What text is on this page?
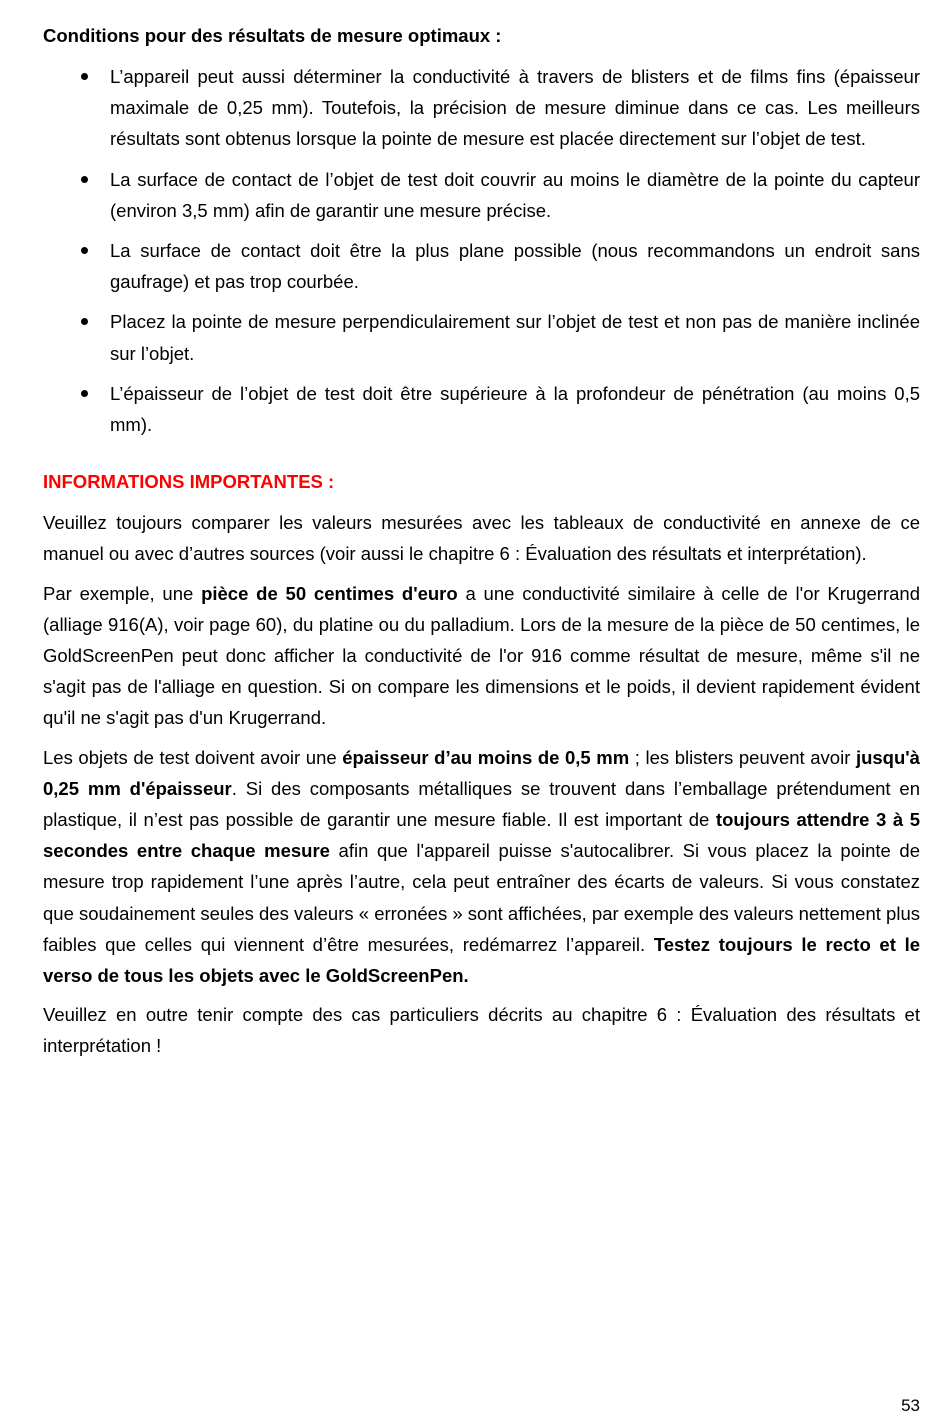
Conditions pour des résultats de mesure optimaux :
L’appareil peut aussi déterminer la conductivité à travers de blisters et de films fins (épaisseur maximale de 0,25 mm). Toutefois, la précision de mesure diminue dans ce cas. Les meilleurs résultats sont obtenus lorsque la pointe de mesure est placée directement sur l’objet de test.
La surface de contact de l’objet de test doit couvrir au moins le diamètre de la pointe du capteur (environ 3,5 mm) afin de garantir une mesure précise.
La surface de contact doit être la plus plane possible (nous recommandons un endroit sans gaufrage) et pas trop courbée.
Placez la pointe de mesure perpendiculairement sur l’objet de test et non pas de manière inclinée sur l’objet.
L’épaisseur de l’objet de test doit être supérieure à la profondeur de pénétration (au moins 0,5 mm).
INFORMATIONS IMPORTANTES :

Veuillez toujours comparer les valeurs mesurées avec les tableaux de conductivité en annexe de ce manuel ou avec d’autres sources (voir aussi le chapitre 6 : Évaluation des résultats et interprétation).

Par exemple, une pièce de 50 centimes d'euro a une conductivité similaire à celle de l'or Krugerrand (alliage 916(A), voir page 60), du platine ou du palladium. Lors de la mesure de la pièce de 50 centimes, le GoldScreenPen peut donc afficher la conductivité de l'or 916 comme résultat de mesure, même s'il ne s'agit pas de l'alliage en question. Si on compare les dimensions et le poids, il devient rapidement évident qu'il ne s'agit pas d'un Krugerrand.

Les objets de test doivent avoir une épaisseur d’au moins de 0,5 mm ; les blisters peuvent avoir jusqu'à 0,25 mm d'épaisseur. Si des composants métalliques se trouvent dans l’emballage prétendument en plastique, il n’est pas possible de garantir une mesure fiable. Il est important de toujours attendre 3 à 5 secondes entre chaque mesure afin que l'appareil puisse s'autocalibrer. Si vous placez la pointe de mesure trop rapidement l’une après l’autre, cela peut entraîner des écarts de valeurs. Si vous constatez que soudainement seules des valeurs « erronées » sont affichées, par exemple des valeurs nettement plus faibles que celles qui viennent d’être mesurées, redémarrez l’appareil. Testez toujours le recto et le verso de tous les objets avec le GoldScreenPen.

Veuillez en outre tenir compte des cas particuliers décrits au chapitre 6 : Évaluation des résultats et interprétation !

53
